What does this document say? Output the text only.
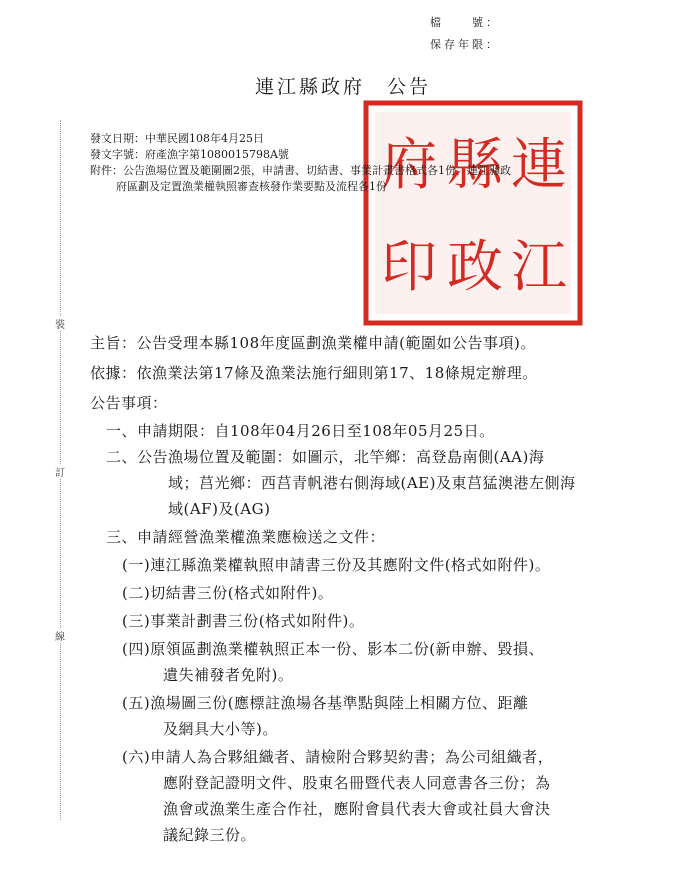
檔　　號：
保存年限：
連江縣政府　公告
連
縣
府
江
政
印
發文日期：中華民國108年4月25日
發文字號：府產漁字第1080015798A號
附件：公告漁場位置及範圍圖2張，申請書、切結書、事業計畫書格式各1份，連江縣政
府區劃及定置漁業權執照審查核發作業要點及流程各1份
裝
訂
線
主旨：公告受理本縣108年度區劃漁業權申請(範圍如公告事項)。
依據：依漁業法第17條及漁業法施行細則第17、18條規定辦理。
公告事項：
一、申請期限：自108年04月26日至108年05月25日。
二、公告漁場位置及範圍：如圖示，北竿鄉：高登島南側(AA)海
域；莒光鄉：西莒青帆港右側海域(AE)及東莒猛澳港左側海
域(AF)及(AG)
三、申請經營漁業權漁業應檢送之文件：
(一)連江縣漁業權執照申請書三份及其應附文件(格式如附件)。
(二)切結書三份(格式如附件)。
(三)事業計劃書三份(格式如附件)。
(四)原領區劃漁業權執照正本一份、影本二份(新申辦、毀損、
遺失補發者免附)。
(五)漁場圖三份(應標註漁場各基準點與陸上相關方位、距離
及網具大小等)。
(六)申請人為合夥組織者、請檢附合夥契約書；為公司組織者，
應附登記證明文件、股東名冊暨代表人同意書各三份；為
漁會或漁業生產合作社，應附會員代表大會或社員大會決
議紀錄三份。
